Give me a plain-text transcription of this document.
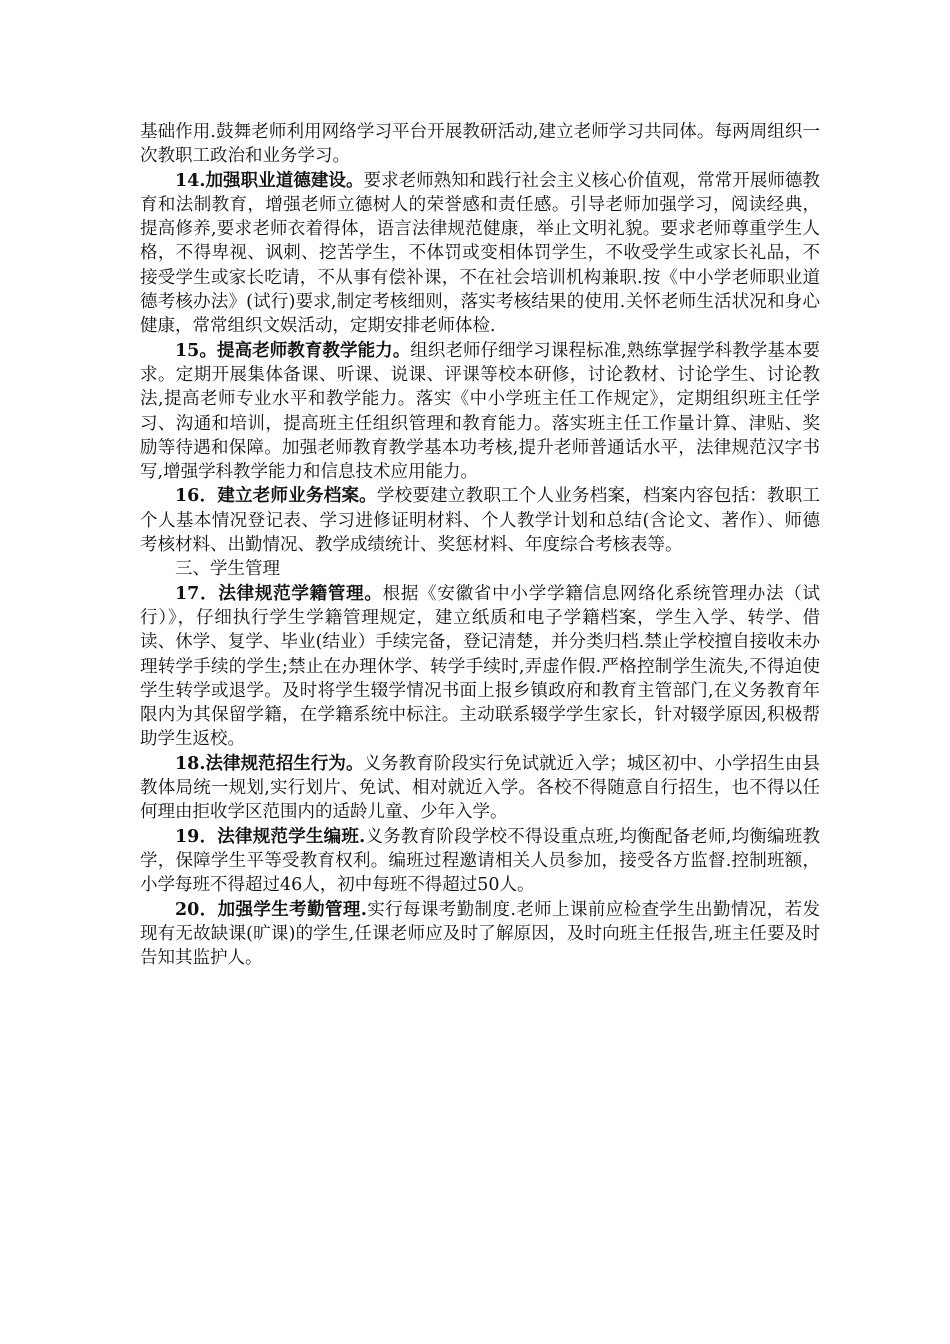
基础作用.鼓舞老师利用网络学习平台开展教研活动,建立老师学习共同体。每两周组织一次教职工政治和业务学习。

14.加强职业道德建设。要求老师熟知和践行社会主义核心价值观，常常开展师德教育和法制教育，增强老师立德树人的荣誉感和责任感。引导老师加强学习，阅读经典，提高修养,要求老师衣着得体，语言法律规范健康，举止文明礼貌。要求老师尊重学生人格，不得卑视、讽刺、挖苦学生，不体罚或变相体罚学生，不收受学生或家长礼品，不接受学生或家长吃请，不从事有偿补课，不在社会培训机构兼职.按《中小学老师职业道德考核办法》(试行)要求,制定考核细则，落实考核结果的使用.关怀老师生活状况和身心健康，常常组织文娱活动，定期安排老师体检.

15。提高老师教育教学能力。组织老师仔细学习课程标准,熟练掌握学科教学基本要求。定期开展集体备课、听课、说课、评课等校本研修，讨论教材、讨论学生、讨论教法,提高老师专业水平和教学能力。落实《中小学班主任工作规定》，定期组织班主任学习、沟通和培训，提高班主任组织管理和教育能力。落实班主任工作量计算、津贴、奖励等待遇和保障。加强老师教育教学基本功考核,提升老师普通话水平，法律规范汉字书写,增强学科教学能力和信息技术应用能力。

16．建立老师业务档案。学校要建立教职工个人业务档案，档案内容包括：教职工个人基本情况登记表、学习进修证明材料、个人教学计划和总结(含论文、著作）、师德考核材料、出勤情况、教学成绩统计、奖惩材料、年度综合考核表等。

三、学生管理

17．法律规范学籍管理。根据《安徽省中小学学籍信息网络化系统管理办法（试行）》，仔细执行学生学籍管理规定，建立纸质和电子学籍档案，学生入学、转学、借读、休学、复学、毕业(结业）手续完备，登记清楚，并分类归档.禁止学校擅自接收未办理转学手续的学生;禁止在办理休学、转学手续时,弄虚作假.严格控制学生流失,不得迫使学生转学或退学。及时将学生辍学情况书面上报乡镇政府和教育主管部门,在义务教育年限内为其保留学籍，在学籍系统中标注。主动联系辍学学生家长，针对辍学原因,积极帮助学生返校。

18.法律规范招生行为。义务教育阶段实行免试就近入学；城区初中、小学招生由县教体局统一规划,实行划片、免试、相对就近入学。各校不得随意自行招生，也不得以任何理由拒收学区范围内的适龄儿童、少年入学。

19．法律规范学生编班.义务教育阶段学校不得设重点班,均衡配备老师,均衡编班教学，保障学生平等受教育权利。编班过程邀请相关人员参加，接受各方监督.控制班额，小学每班不得超过46人，初中每班不得超过50人。

20．加强学生考勤管理.实行每课考勤制度.老师上课前应检查学生出勤情况，若发现有无故缺课(旷课)的学生,任课老师应及时了解原因，及时向班主任报告,班主任要及时告知其监护人。
